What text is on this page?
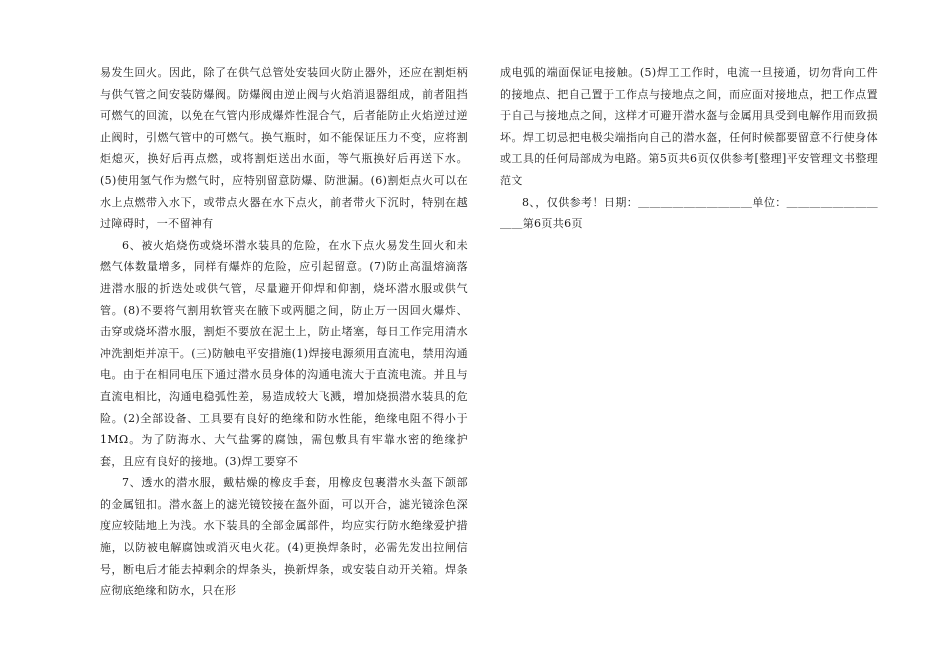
易发生回火。因此，除了在供气总管处安装回火防止器外，还应在割炬柄与供气管之间安装防爆阀。防爆阀由逆止阀与火焰消退器组成，前者阻挡可燃气的回流，以免在气管内形成爆炸性混合气，后者能防止火焰逆过逆止阀时，引燃气管中的可燃气。换气瓶时，如不能保证压力不变，应将割炬熄灭，换好后再点燃，或将割炬送出水面，等气瓶换好后再送下水。(5)使用氢气作为燃气时，应特别留意防爆、防泄漏。(6)割炬点火可以在水上点燃带入水下，或带点火器在水下点火，前者带火下沉时，特别在越过障碍时，一不留神有

6、被火焰烧伤或烧坏潜水装具的危险，在水下点火易发生回火和未燃气体数量增多，同样有爆炸的危险，应引起留意。(7)防止高温熔滴落进潜水服的折迭处或供气管，尽量避开仰焊和仰割，烧坏潜水服或供气管。(8)不要将气割用软管夹在腋下或两腿之间，防止万一因回火爆炸、击穿或烧坏潜水服，割炬不要放在泥土上，防止堵塞，每日工作完用清水冲洗割炬并凉干。(三)防触电平安措施(1)焊接电源须用直流电，禁用沟通电。由于在相同电压下通过潜水员身体的沟通电流大于直流电流。并且与直流电相比，沟通电稳弧性差，易造成较大飞溅，增加烧损潜水装具的危险。(2)全部设备、工具要有良好的绝缘和防水性能，绝缘电阻不得小于1MΩ。为了防海水、大气盐雾的腐蚀，需包敷具有牢靠水密的绝缘护套，且应有良好的接地。(3)焊工要穿不

7、透水的潜水服，戴枯燥的橡皮手套，用橡皮包裹潜水头盔下颌部的金属钮扣。潜水盔上的滤光镜铰接在盔外面，可以开合，滤光镜涂色深度应较陆地上为浅。水下装具的全部金属部件，均应实行防水绝缘爱护措施，以防被电解腐蚀或消灭电火花。(4)更换焊条时，必需先发出拉闸信号，断电后才能去掉剩余的焊条头，换新焊条，或安装自动开关箱。焊条应彻底绝缘和防水，只在形

成电弧的端面保证电接触。(5)焊工工作时，电流一旦接通，切勿背向工件的接地点、把自己置于工作点与接地点之间，而应面对接地点，把工作点置于自己与接地点之间，这样才可避开潜水盔与金属用具受到电解作用而致损坏。焊工切忌把电极尖端指向自己的潜水盔，任何时候都要留意不行使身体或工具的任何局部成为电路。第5页共6页仅供参考[整理]平安管理文书整理范文

8、，仅供参考！日期：＿＿＿＿＿＿＿＿＿＿单位：＿＿＿＿＿＿＿＿＿＿第6页共6页
